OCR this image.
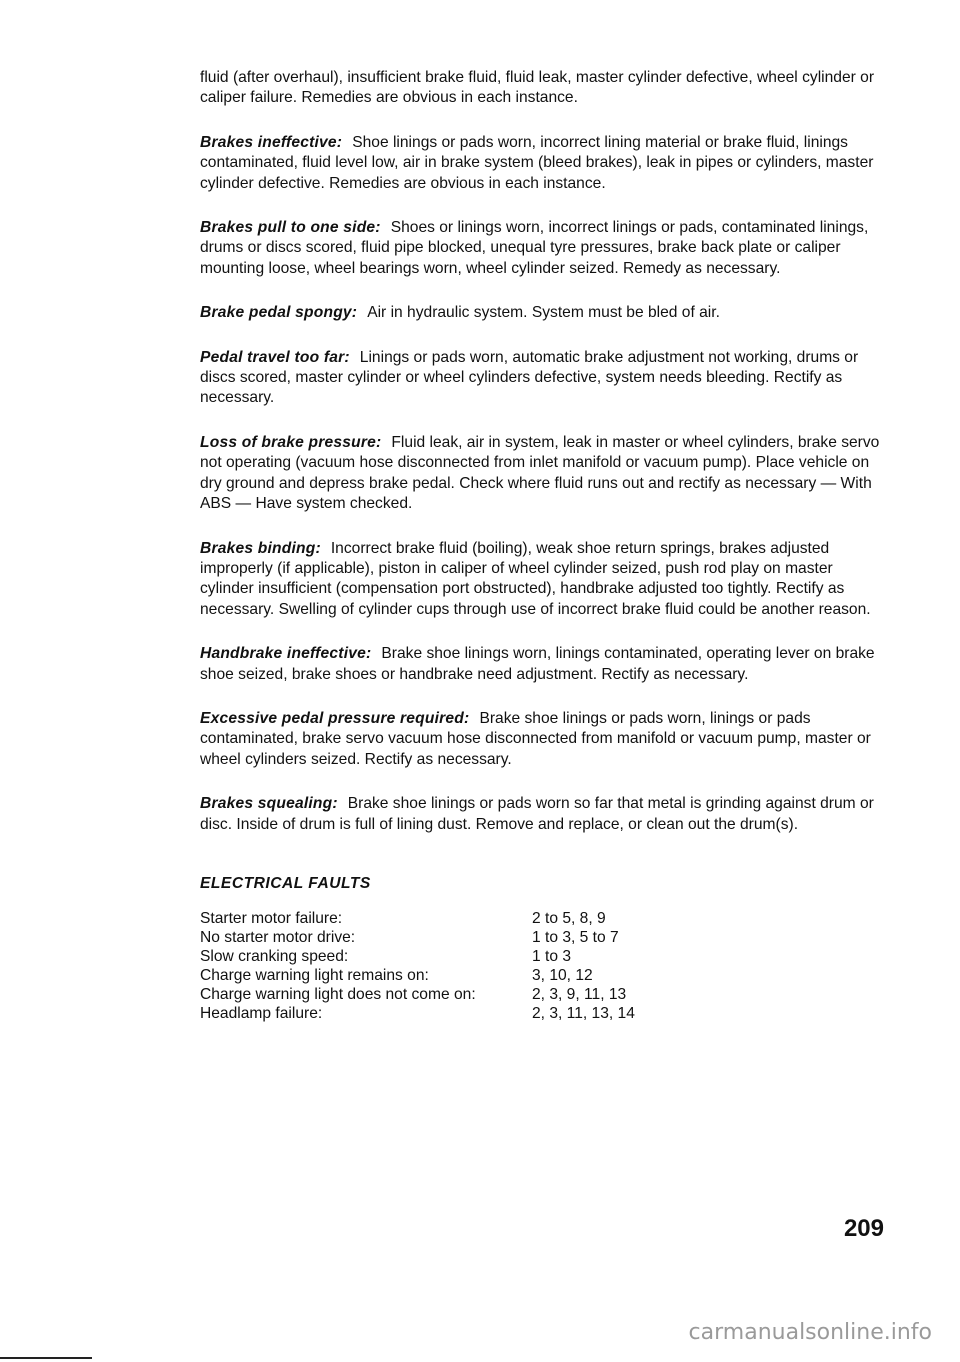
fluid (after overhaul), insufficient brake fluid, fluid leak, master cylinder defective, wheel cylinder or caliper failure. Remedies are obvious in each instance.

Brakes ineffective: Shoe linings or pads worn, incorrect lining material or brake fluid, linings contaminated, fluid level low, air in brake system (bleed brakes), leak in pipes or cylinders, master cylinder defective. Remedies are obvious in each instance.

Brakes pull to one side: Shoes or linings worn, incorrect linings or pads, contaminated linings, drums or discs scored, fluid pipe blocked, unequal tyre pressures, brake back plate or caliper mounting loose, wheel bearings worn, wheel cylinder seized. Remedy as necessary.

Brake pedal spongy: Air in hydraulic system. System must be bled of air.

Pedal travel too far: Linings or pads worn, automatic brake adjustment not working, drums or discs scored, master cylinder or wheel cylinders defective, system needs bleeding. Rectify as necessary.

Loss of brake pressure: Fluid leak, air in system, leak in master or wheel cylinders, brake servo not operating (vacuum hose disconnected from inlet manifold or vacuum pump). Place vehicle on dry ground and depress brake pedal. Check where fluid runs out and rectify as necessary — With ABS — Have system checked.

Brakes binding: Incorrect brake fluid (boiling), weak shoe return springs, brakes adjusted improperly (if applicable), piston in caliper of wheel cylinder seized, push rod play on master cylinder insufficient (compensation port obstructed), handbrake adjusted too tightly. Rectify as necessary. Swelling of cylinder cups through use of incorrect brake fluid could be another reason.

Handbrake ineffective: Brake shoe linings worn, linings contaminated, operating lever on brake shoe seized, brake shoes or handbrake need adjustment. Rectify as necessary.

Excessive pedal pressure required: Brake shoe linings or pads worn, linings or pads contaminated, brake servo vacuum hose disconnected from manifold or vacuum pump, master or wheel cylinders seized. Rectify as necessary.

Brakes squealing: Brake shoe linings or pads worn so far that metal is grinding against drum or disc. Inside of drum is full of lining dust. Remove and replace, or clean out the drum(s).

ELECTRICAL FAULTS
Starter motor failure:	2 to 5, 8, 9
No starter motor drive:	1 to 3, 5 to 7
Slow cranking speed:	1 to 3
Charge warning light remains on:	3, 10, 12
Charge warning light does not come on:	2, 3, 9, 11, 13
Headlamp failure:	2, 3, 11, 13, 14
209
carmanualsonline.info
